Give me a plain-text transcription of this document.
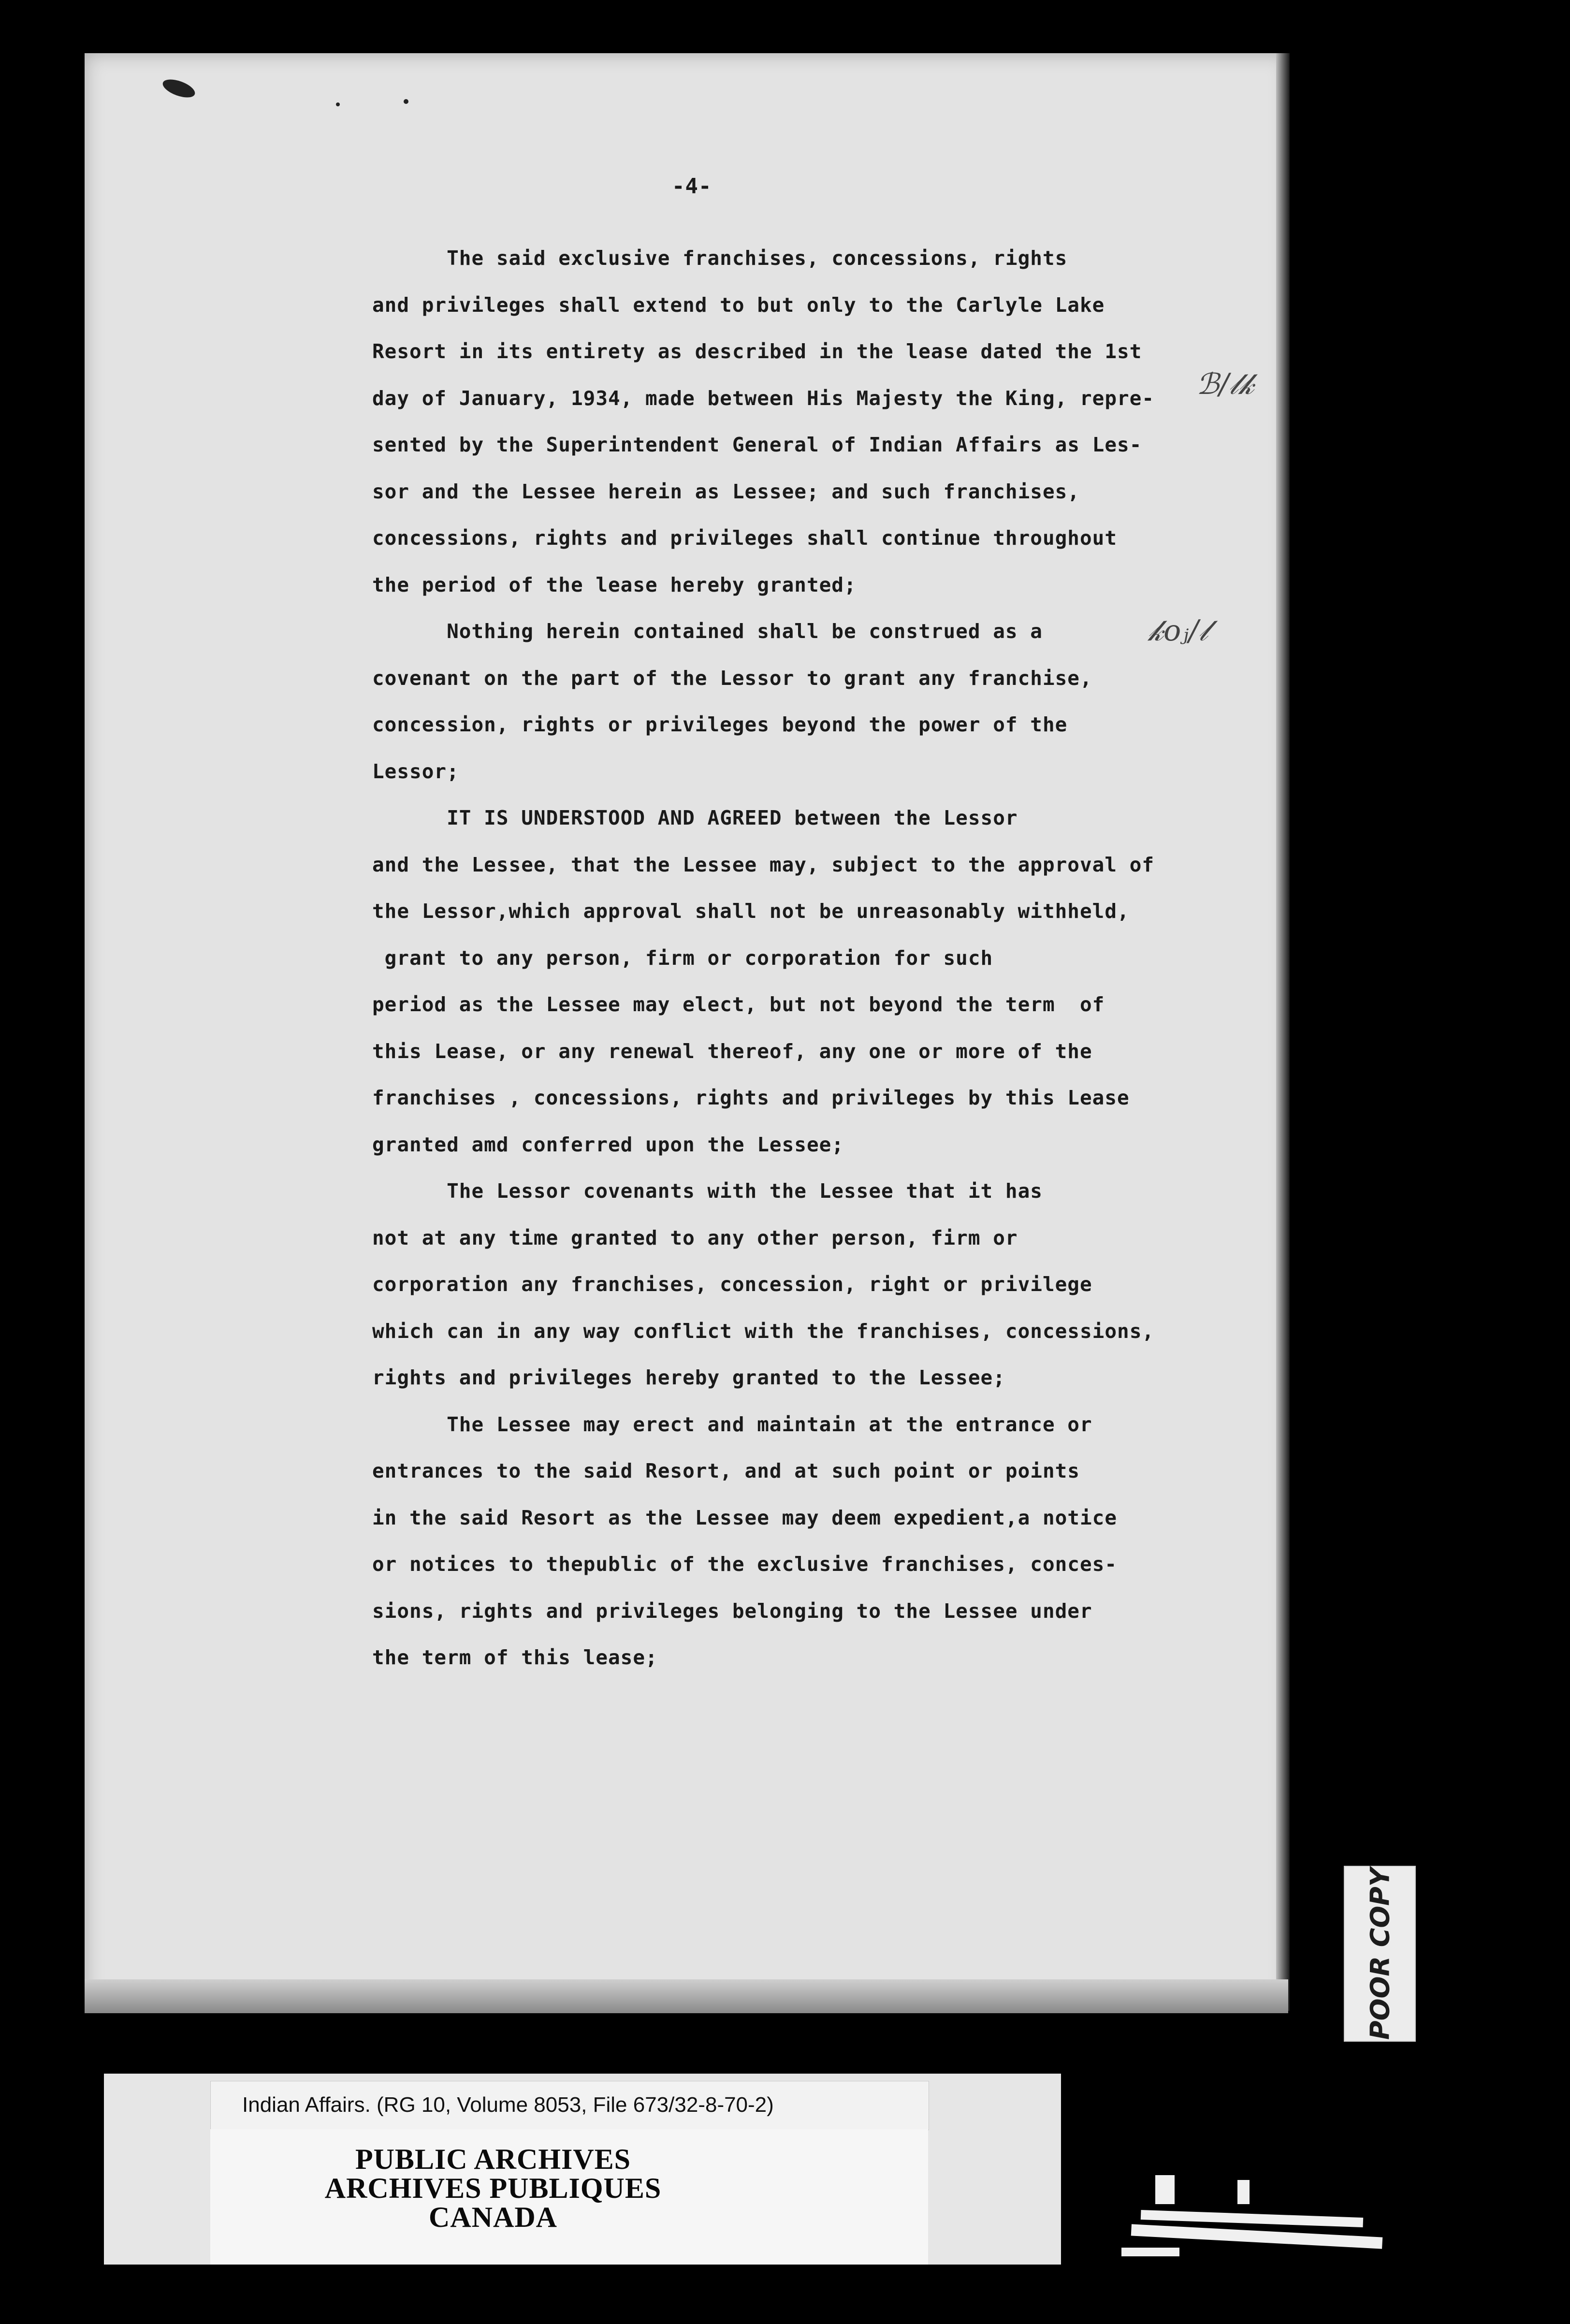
-4-
The said exclusive franchises, concessions, rights
and privileges shall extend to but only to the Carlyle Lake
Resort in its entirety as described in the lease dated the 1st
day of January, 1934, made between His Majesty the King, repre-
sented by the Superintendent General of Indian Affairs as Les-
sor and the Lessee herein as Lessee; and such franchises,
concessions, rights and privileges shall continue throughout
the period of the lease hereby granted;
Nothing herein contained shall be construed as a
covenant on the part of the Lessor to grant any franchise,
concession, rights or privileges beyond the power of the
Lessor;
IT IS UNDERSTOOD AND AGREED between the Lessor
and the Lessee, that the Lessee may, subject to the approval of
the Lessor,which approval shall not be unreasonably withheld,
grant to any person, firm or corporation for such
period as the Lessee may elect, but not beyond the term  of
this Lease, or any renewal thereof, any one or more of the
franchises , concessions, rights and privileges by this Lease
granted amd conferred upon the Lessee;
The Lessor covenants with the Lessee that it has
not at any time granted to any other person, firm or
corporation any franchises, concession, right or privilege
which can in any way conflict with the franchises, concessions,
rights and privileges hereby granted to the Lessee;
The Lessee may erect and maintain at the entrance or
entrances to the said Resort, and at such point or points
in the said Resort as the Lessee may deem expedient,a notice
or notices to thepublic of the exclusive franchises, conces-
sions, rights and privileges belonging to the Lessee under
the term of this lease;
ℬ/𝓁𝓀
𝓀𝑜ⱼ/𝓁
POOR COPY
Indian Affairs. (RG 10, Volume 8053, File 673/32-8-70-2)
PUBLIC ARCHIVES
ARCHIVES PUBLIQUES
CANADA
